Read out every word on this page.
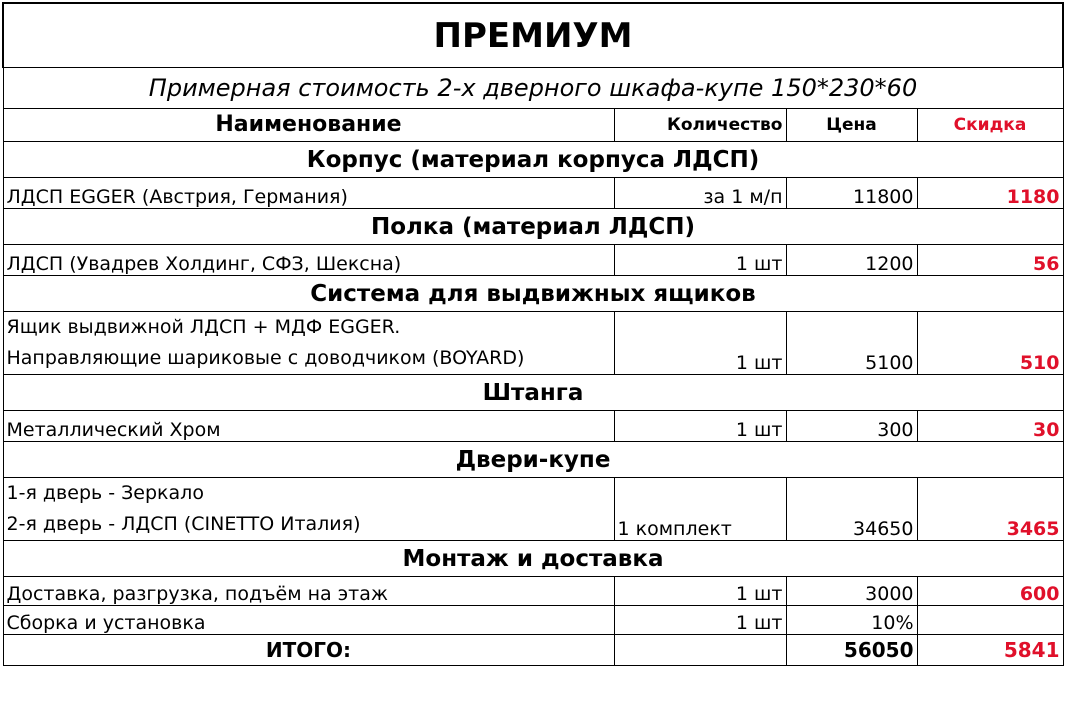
ПРЕМИУМ			
Примерная стоимость 2-х дверного шкафа-купе 150*230*60			
Наименование	Количество	Цена	Скидка
Корпус (материал корпуса ЛДСП)			
ЛДСП EGGER (Австрия, Германия)	за 1 м/п	11800	1180
Полка (материал ЛДСП)			
ЛДСП (Увадрев Холдинг, СФЗ, Шексна)	1 шт	1200	56
Система для выдвижных ящиков			

Ящик выдвижной ЛДСП + МДФ EGGER.
Направляющие шариковые с доводчиком (BOYARD)	1 шт	5100	510
Штанга			
Металлический Хром	1 шт	300	30
Двери-купе			

1-я дверь - Зеркало
2-я дверь - ЛДСП (CINETTO Италия)	1 комплект	34650	3465
Монтаж и доставка			
Доставка, разгрузка, подъём на этаж	1 шт	3000	600
Сборка и установка	1 шт	10%	
ИТОГО:		56050	5841
